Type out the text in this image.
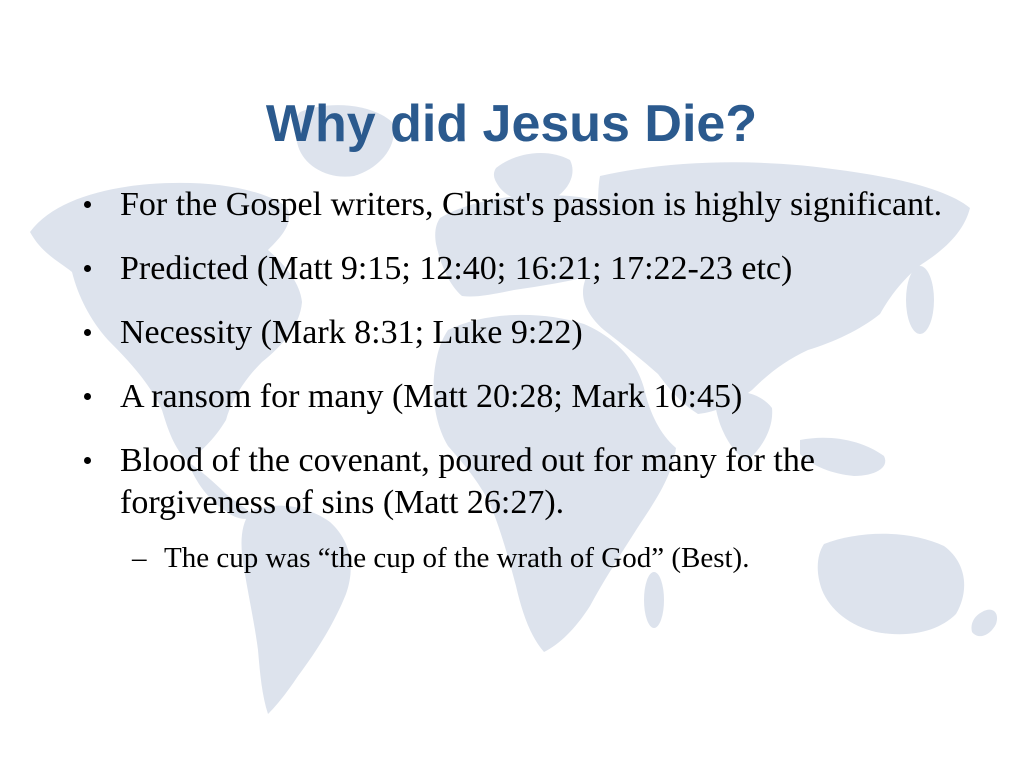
Why did Jesus Die?
For the Gospel writers, Christ's passion is highly significant.
Predicted (Matt 9:15; 12:40; 16:21; 17:22-23 etc)
Necessity (Mark 8:31; Luke 9:22)
A ransom for many (Matt 20:28; Mark 10:45)
Blood of the covenant, poured out for many for the forgiveness of sins (Matt 26:27).
– The cup was “the cup of the wrath of God” (Best).
